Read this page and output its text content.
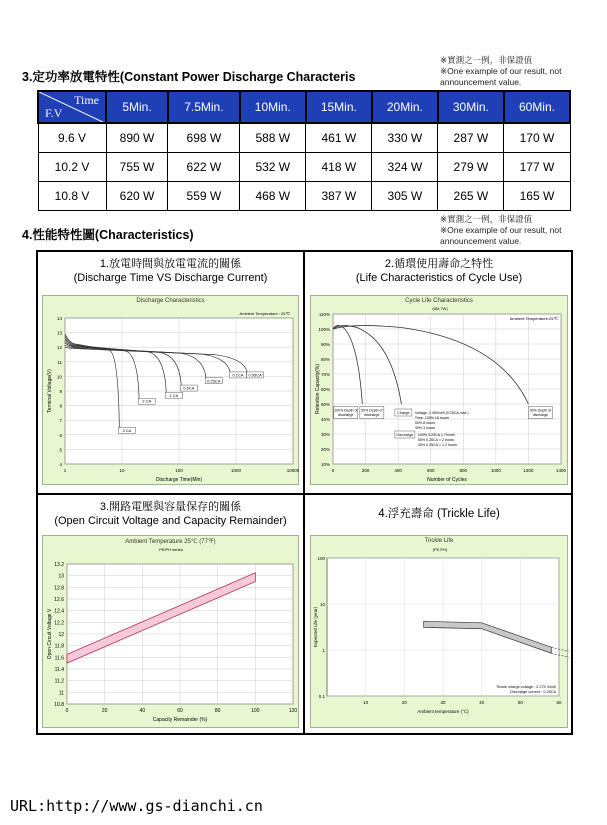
3.定功率放電特性(Constant Power Discharge Characteris
※實測之一例，非保證值
※One example of our result, not announcement value.
Time
F.V	5Min.	7.5Min.	10Min.	15Min.	20Min.	30Min.	60Min.
9.6 V	890 W	698 W	588 W	461 W	330 W	287 W	170 W
10.2 V	755 W	622 W	532 W	418 W	324 W	279 W	177 W
10.8 V	620 W	559 W	468 W	387 W	305 W	265 W	165 W
4.性能特性圖(Characteristics)
※實測之一例，非保證值
※One example of our result, not announcement value.
1.放電時間與放電電流的關係
(Discharge Time VS Discharge Current)
Discharge Characteristics
1	10	100	1000	10000
4
5
6
7
8
9
10
11
12
13
14
Discharge Time(Min)
Terminal Voltage(V)
Ambient Temperature : 25℃
3 CA
2 CA
1 CA
0.6CA
0.25CA
0.1CA 0.05CA
2.循環使用壽命之特性
(Life Characteristics of Cycle Use)
Cycle Life Characteristics
(6M,7W)
0	200	400	600	800	1000	1200	1400
10%
20%
30%
40%
50%
60%
70%
80%
90%
100%
110%
Number of Cycles
Retention Capacity(%)
Ambient Temperature:25℃
100% Depth of
discharge
50% Depth of
discharge
30% Depth of
discharge
Charge Voltage: 2.45V/cell (0.25CA max.)
Time: 100% 16 hours
50% 8 hours
30% 3 hours
Discharge 100% 0.25CA 1.7V/cell
50% 0.25CA × 2 hours
30% 0.25CA × 1.2 hours
3.開路電壓與容量保存的關係
(Open Circuit Voltage and Capacity Remainder)
Ambient Temperature 25℃ (77℉)
PE/PH series
0	20	40	60	80	100	120
10.8
11
11.2
11.4
11.6
11.8
12
12.2
12.4
12.6
12.8
13
13.2
Capacity Remainder (%)
Open Circuit Voltage V
4.浮充壽命 (Trickle Life)
Trickle Life
(PE,PH)
10	20	30	40	50	60
0.1
1
10
100
Ambient temperature (℃)
Expected Life (year)
Trickle charge voltage : 2.275 V/cell
Discharge current : 0.25CA
URL:http://www.gs-dianchi.cn
